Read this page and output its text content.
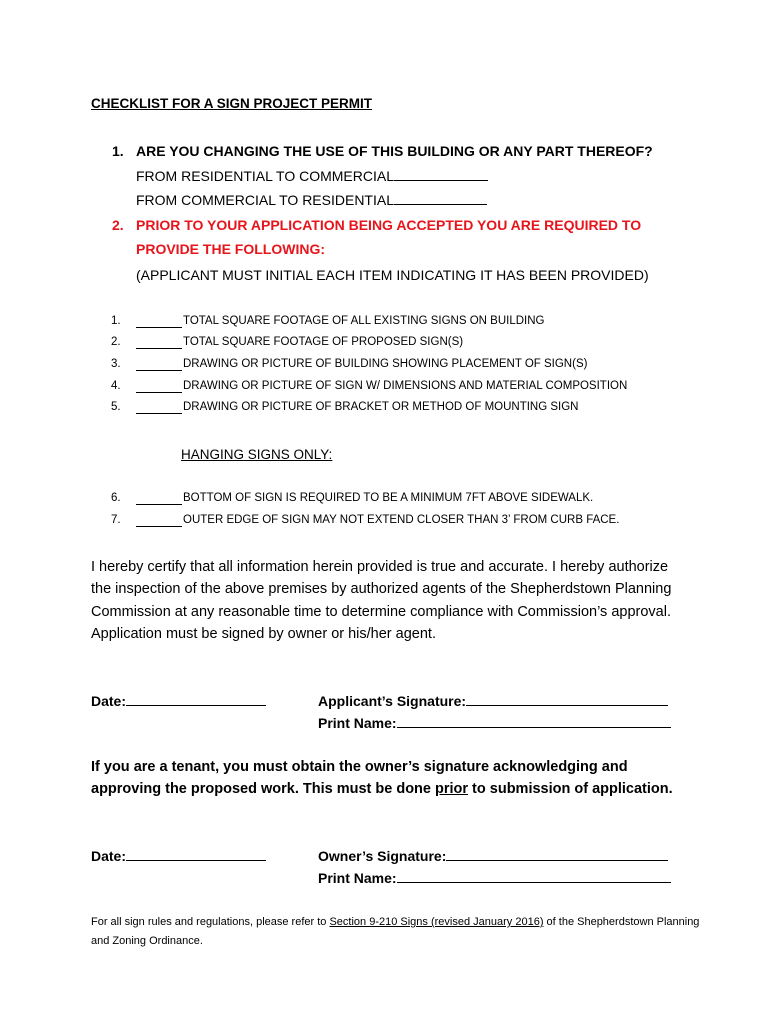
CHECKLIST FOR A SIGN PROJECT PERMIT
1. ARE YOU CHANGING THE USE OF THIS BUILDING OR ANY PART THEREOF?
FROM RESIDENTIAL TO COMMERCIAL
FROM COMMERCIAL TO RESIDENTIAL
2. PRIOR TO YOUR APPLICATION BEING ACCEPTED YOU ARE REQUIRED TO
PROVIDE THE FOLLOWING:
(APPLICANT MUST INITIAL EACH ITEM INDICATING IT HAS BEEN PROVIDED)
1.	TOTAL SQUARE FOOTAGE OF ALL EXISTING SIGNS ON BUILDING
2.	TOTAL SQUARE FOOTAGE OF PROPOSED SIGN(S)
3.	DRAWING OR PICTURE OF BUILDING SHOWING PLACEMENT OF SIGN(S)
4.	DRAWING OR PICTURE OF SIGN W/ DIMENSIONS AND MATERIAL COMPOSITION
5.	DRAWING OR PICTURE OF BRACKET OR METHOD OF MOUNTING SIGN
HANGING SIGNS ONLY:
6.	BOTTOM OF SIGN IS REQUIRED TO BE A MINIMUM 7FT ABOVE SIDEWALK.
7.	OUTER EDGE OF SIGN MAY NOT EXTEND CLOSER THAN 3’ FROM CURB FACE.
I hereby certify that all information herein provided is true and accurate. I hereby authorize the inspection of the above premises by authorized agents of the Shepherdstown Planning Commission at any reasonable time to determine compliance with Commission’s approval. Application must be signed by owner or his/her agent.
Date:	Applicant’s Signature:
Print Name:
If you are a tenant, you must obtain the owner’s signature acknowledging and approving the proposed work. This must be done prior to submission of application.
Date:	Owner’s Signature:
Print Name:
For all sign rules and regulations, please refer to Section 9-210 Signs (revised January 2016) of the Shepherdstown Planning and Zoning Ordinance.
